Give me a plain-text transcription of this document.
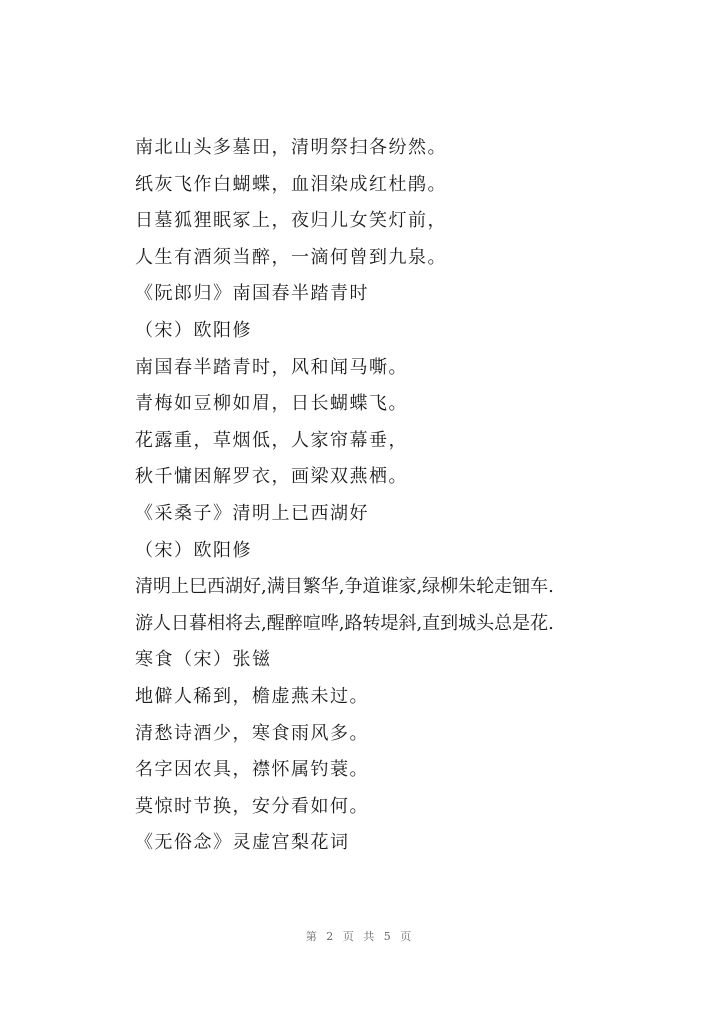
南北山头多墓田，清明祭扫各纷然。
纸灰飞作白蝴蝶，血泪染成红杜鹃。
日墓狐狸眠冢上，夜归儿女笑灯前，
人生有酒须当醉，一滴何曾到九泉。
《阮郎归》南国春半踏青时
（宋）欧阳修
南国春半踏青时，风和闻马嘶。
青梅如豆柳如眉，日长蝴蝶飞。
花露重，草烟低，人家帘幕垂，
秋千慵困解罗衣，画梁双燕栖。
《采桑子》清明上已西湖好
（宋）欧阳修
清明上巳西湖好,满目繁华,争道谁家,绿柳朱轮走钿车.
游人日暮相将去,醒醉喧哗,路转堤斜,直到城头总是花.
寒食（宋）张镃
地僻人稀到，檐虚燕未过。
清愁诗酒少，寒食雨风多。
名字因农具，襟怀属钓蓑。
莫惊时节换，安分看如何。
《无俗念》灵虚宫梨花词
第 2 页 共 5 页
